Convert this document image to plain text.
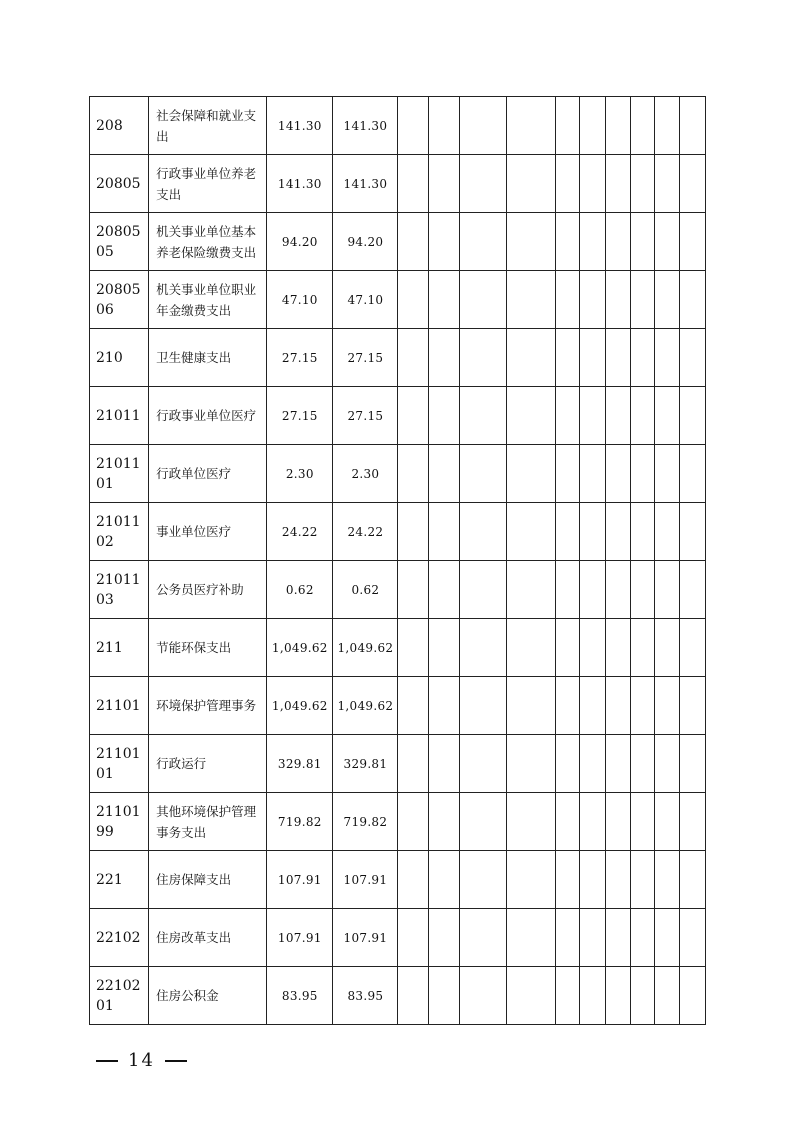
208	社会保障和就业支出	141.30	141.30										
20805	行政事业单位养老支出	141.30	141.30										
2080505	机关事业单位基本养老保险缴费支出	94.20	94.20										
2080506	机关事业单位职业年金缴费支出	47.10	47.10										
210	卫生健康支出	27.15	27.15										
21011	行政事业单位医疗	27.15	27.15										
2101101	行政单位医疗	2.30	2.30										
2101102	事业单位医疗	24.22	24.22										
2101103	公务员医疗补助	0.62	0.62										
211	节能环保支出	1,049.62	1,049.62										
21101	环境保护管理事务	1,049.62	1,049.62										
2110101	行政运行	329.81	329.81										
2110199	其他环境保护管理事务支出	719.82	719.82										
221	住房保障支出	107.91	107.91										
22102	住房改革支出	107.91	107.91										
2210201	住房公积金	83.95	83.95										
14
